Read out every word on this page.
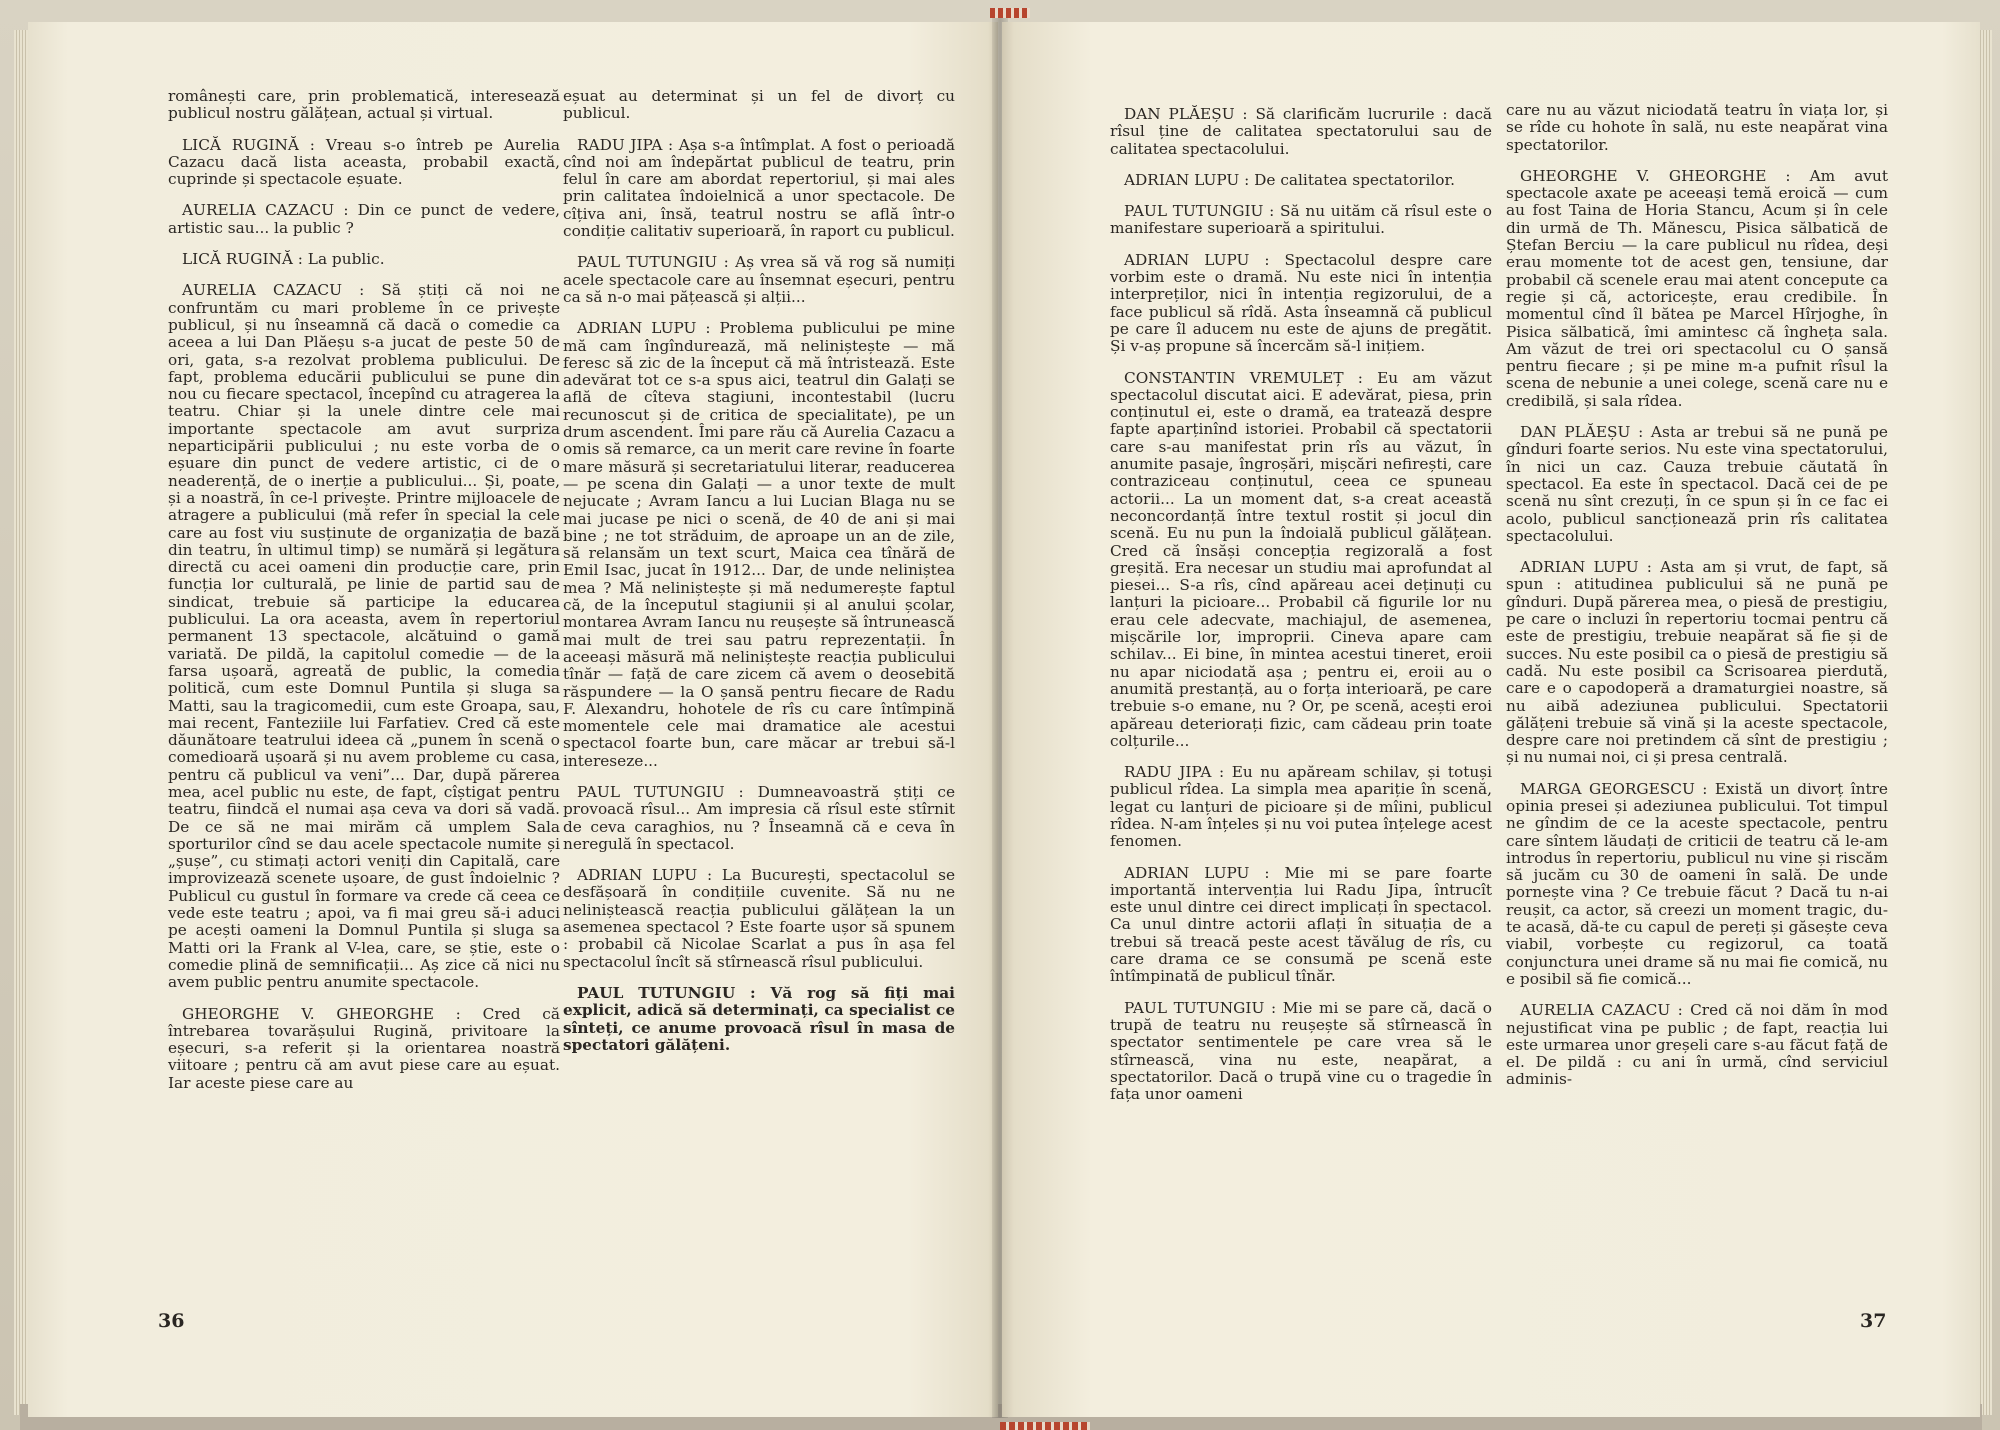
românești care, prin problematică, interesează publicul nostru gălățean, actual și virtual.

LICĂ RUGINĂ : Vreau s-o întreb pe Aurelia Cazacu dacă lista aceasta, probabil exactă, cuprinde și spectacole eșuate.

AURELIA CAZACU : Din ce punct de vedere, artistic sau... la public ?

LICĂ RUGINĂ : La public.

AURELIA CAZACU : Să știți că noi ne confruntăm cu mari probleme în ce privește publicul, și nu înseamnă că dacă o comedie ca aceea a lui Dan Plăeșu s-a jucat de peste 50 de ori, gata, s-a rezolvat problema publicului. De fapt, problema educării publicului se pune din nou cu fiecare spectacol, începînd cu atragerea la teatru. Chiar și la unele dintre cele mai importante spectacole am avut surpriza neparticipării publicului ; nu este vorba de o eșuare din punct de vedere artistic, ci de o neaderență, de o inerție a publicului... Și, poate, și a noastră, în ce-l privește. Printre mijloacele de atragere a publicului (mă refer în special la cele care au fost viu susținute de organizația de bază din teatru, în ultimul timp) se numără și legătura directă cu acei oameni din producție care, prin funcția lor culturală, pe linie de partid sau de sindicat, trebuie să participe la educarea publicului. La ora aceasta, avem în repertoriul permanent 13 spectacole, alcătuind o gamă variată. De pildă, la capitolul comedie — de la farsa ușoară, agreată de public, la comedia politică, cum este Domnul Puntila și sluga sa Matti, sau la tragicomedii, cum este Groapa, sau, mai recent, Fanteziile lui Farfatiev. Cred că este dăunătoare teatrului ideea că „punem în scenă o comedioară ușoară și nu avem probleme cu casa, pentru că publicul va veni”... Dar, după părerea mea, acel public nu este, de fapt, cîștigat pentru teatru, fiindcă el numai așa ceva va dori să vadă. De ce să ne mai mirăm că umplem Sala sporturilor cînd se dau acele spectacole numite și „șușe”, cu stimați actori veniți din Capitală, care improvizează scenete ușoare, de gust îndoielnic ? Publicul cu gustul în formare va crede că ceea ce vede este teatru ; apoi, va fi mai greu să-i aduci pe acești oameni la Domnul Puntila și sluga sa Matti ori la Frank al V-lea, care, se știe, este o comedie plină de semnificații... Aș zice că nici nu avem public pentru anumite spectacole.

GHEORGHE V. GHEORGHE : Cred că întrebarea tovarășului Rugină, privitoare la eșecuri, s-a referit și la orientarea noastră viitoare ; pentru că am avut piese care au eșuat. Iar aceste piese care au

eșuat au determinat și un fel de divorț cu publicul.

RADU JIPA : Așa s-a întîmplat. A fost o perioadă cînd noi am îndepărtat publicul de teatru, prin felul în care am abordat repertoriul, și mai ales prin calitatea îndoielnică a unor spectacole. De cîțiva ani, însă, teatrul nostru se află într-o condiție calitativ superioară, în raport cu publicul.

PAUL TUTUNGIU : Aș vrea să vă rog să numiți acele spectacole care au însemnat eșecuri, pentru ca să n-o mai pățească și alții...

ADRIAN LUPU : Problema publicului pe mine mă cam îngîndurează, mă neliniștește — mă feresc să zic de la început că mă întristează. Este adevărat tot ce s-a spus aici, teatrul din Galați se află de cîteva stagiuni, incontestabil (lucru recunoscut și de critica de specialitate), pe un drum ascendent. Îmi pare rău că Aurelia Cazacu a omis să remarce, ca un merit care revine în foarte mare măsură și secretariatului literar, readucerea — pe scena din Galați — a unor texte de mult nejucate ; Avram Iancu a lui Lucian Blaga nu se mai jucase pe nici o scenă, de 40 de ani și mai bine ; ne tot străduim, de aproape un an de zile, să relansăm un text scurt, Maica cea tînără de Emil Isac, jucat în 1912... Dar, de unde neliniștea mea ? Mă neliniștește și mă nedumerește faptul că, de la începutul stagiunii și al anului școlar, montarea Avram Iancu nu reușește să întrunească mai mult de trei sau patru reprezentații. În aceeași măsură mă neliniștește reacția publicului tînăr — față de care zicem că avem o deosebită răspundere — la O șansă pentru fiecare de Radu F. Alexandru, hohotele de rîs cu care întîmpină momentele cele mai dramatice ale acestui spectacol foarte bun, care măcar ar trebui să-l intereseze...

PAUL TUTUNGIU : Dumneavoastră știți ce provoacă rîsul... Am impresia că rîsul este stîrnit de ceva caraghios, nu ? Înseamnă că e ceva în neregulă în spectacol.

ADRIAN LUPU : La București, spectacolul se desfășoară în condițiile cuvenite. Să nu ne neliniștească reacția publicului gălățean la un asemenea spectacol ? Este foarte ușor să spunem : probabil că Nicolae Scarlat a pus în așa fel spectacolul încît să stîrnească rîsul publicului.

PAUL TUTUNGIU : Vă rog să fiți mai explicit, adică să determinați, ca specialist ce sînteți, ce anume provoacă rîsul în masa de spectatori gălățeni.

36

DAN PLĂEȘU : Să clarificăm lucrurile : dacă rîsul ține de calitatea spectatorului sau de calitatea spectacolului.

ADRIAN LUPU : De calitatea spectatorilor.

PAUL TUTUNGIU : Să nu uităm că rîsul este o manifestare superioară a spiritului.

ADRIAN LUPU : Spectacolul despre care vorbim este o dramă. Nu este nici în intenția interpreților, nici în intenția regizorului, de a face publicul să rîdă. Asta înseamnă că publicul pe care îl aducem nu este de ajuns de pregătit. Și v-aș propune să încercăm să-l inițiem.

CONSTANTIN VREMULEȚ : Eu am văzut spectacolul discutat aici. E adevărat, piesa, prin conținutul ei, este o dramă, ea tratează despre fapte aparținînd istoriei. Probabil că spectatorii care s-au manifestat prin rîs au văzut, în anumite pasaje, îngroșări, mișcări nefirești, care contraziceau conținutul, ceea ce spuneau actorii... La un moment dat, s-a creat această neconcordanță între textul rostit și jocul din scenă. Eu nu pun la îndoială publicul gălățean. Cred că însăși concepția regizorală a fost greșită. Era necesar un studiu mai aprofundat al piesei... S-a rîs, cînd apăreau acei deținuți cu lanțuri la picioare... Probabil că figurile lor nu erau cele adecvate, machiajul, de asemenea, mișcările lor, improprii. Cineva apare cam schilav... Ei bine, în mintea acestui tineret, eroii nu apar niciodată așa ; pentru ei, eroii au o anumită prestanță, au o forța interioară, pe care trebuie s-o emane, nu ? Or, pe scenă, acești eroi apăreau deteriorați fizic, cam cădeau prin toate colțurile...

RADU JIPA : Eu nu apăream schilav, și totuși publicul rîdea. La simpla mea apariție în scenă, legat cu lanțuri de picioare și de mîini, publicul rîdea. N-am înțeles și nu voi putea înțelege acest fenomen.

ADRIAN LUPU : Mie mi se pare foarte importantă intervenția lui Radu Jipa, întrucît este unul dintre cei direct implicați în spectacol. Ca unul dintre actorii aflați în situația de a trebui să treacă peste acest tăvălug de rîs, cu care drama ce se consumă pe scenă este întîmpinată de publicul tînăr.

PAUL TUTUNGIU : Mie mi se pare că, dacă o trupă de teatru nu reușește să stîrnească în spectator sentimentele pe care vrea să le stîrnească, vina nu este, neapărat, a spectatorilor. Dacă o trupă vine cu o tragedie în fața unor oameni

care nu au văzut niciodată teatru în viața lor, și se rîde cu hohote în sală, nu este neapărat vina spectatorilor.

GHEORGHE V. GHEORGHE : Am avut spectacole axate pe aceeași temă eroică — cum au fost Taina de Horia Stancu, Acum și în cele din urmă de Th. Mănescu, Pisica sălbatică de Ștefan Berciu — la care publicul nu rîdea, deși erau momente tot de acest gen, tensiune, dar probabil că scenele erau mai atent concepute ca regie și că, actoricește, erau credibile. În momentul cînd îl băteа pe Marcel Hîrjoghe, în Pisica sălbatică, îmi amintesc că îngheța sala. Am văzut de trei ori spectacolul cu O șansă pentru fiecare ; și pe mine m-a pufnit rîsul la scena de nebunie a unei colege, scenă care nu e credibilă, și sala rîdea.

DAN PLĂEȘU : Asta ar trebui să ne pună pe gînduri foarte serios. Nu este vina spectatorului, în nici un caz. Cauza trebuie căutată în spectacol. Ea este în spectacol. Dacă cei de pe scenă nu sînt crezuți, în ce spun și în ce fac ei acolo, publicul sancționează prin rîs calitatea spectacolului.

ADRIAN LUPU : Asta am și vrut, de fapt, să spun : atitudinea publicului să ne pună pe gînduri. După părerea mea, o piesă de prestigiu, pe care o incluzi în repertoriu tocmai pentru că este de prestigiu, trebuie neapărat să fie și de succes. Nu este posibil ca o piesă de prestigiu să cadă. Nu este posibil ca Scrisoarea pierdută, care e o capodoperă a dramaturgiei noastre, să nu aibă adeziunea publicului. Spectatorii gălățeni trebuie să vină și la aceste spectacole, despre care noi pretindem că sînt de prestigiu ; și nu numai noi, ci și presa centrală.

MARGA GEORGESCU : Există un divorț între opinia presei și adeziunea publicului. Tot timpul ne gîndim de ce la aceste spectacole, pentru care sîntem lăudați de criticii de teatru că le-am introdus în repertoriu, publicul nu vine și riscăm să jucăm cu 30 de oameni în sală. De unde pornește vina ? Ce trebuie făcut ? Dacă tu n-ai reușit, ca actor, să creezi un moment tragic, du-te acasă, dă-te cu capul de pereți și găsește ceva viabil, vorbește cu regizorul, ca toată conjunctura unei drame să nu mai fie comică, nu e posibil să fie comică...

AURELIA CAZACU : Cred că noi dăm în mod nejustificat vina pe public ; de fapt, reacția lui este urmarea unor greșeli care s-au făcut față de el. De pildă : cu ani în urmă, cînd serviciul adminis-

37
